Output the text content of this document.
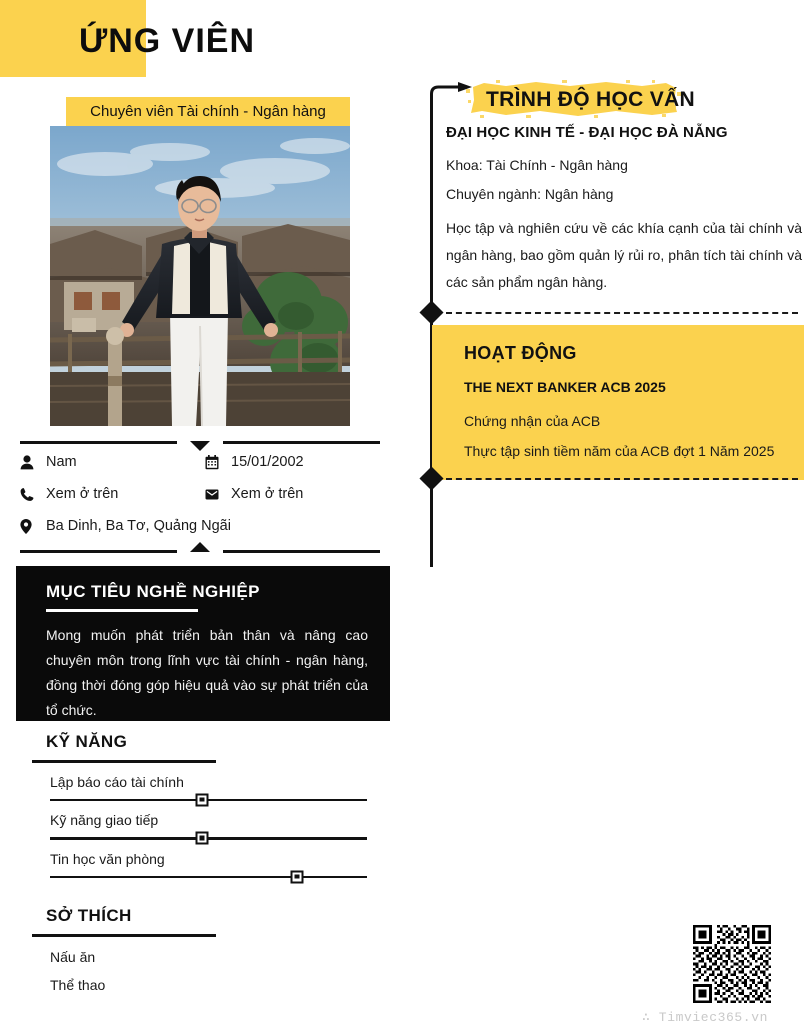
ỨNG VIÊN
Chuyên viên Tài chính - Ngân hàng
Nam	15/01/2002
Xem ở trên	Xem ở trên
Ba Dinh, Ba Tơ, Quảng Ngãi
MỤC TIÊU NGHỀ NGHIỆP
Mong muốn phát triển bản thân và nâng cao chuyên môn trong lĩnh vực tài chính - ngân hàng, đồng thời đóng góp hiệu quả vào sự phát triển của tổ chức.
KỸ NĂNG
Lập báo cáo tài chính
Kỹ năng giao tiếp
Tin học văn phòng
SỞ THÍCH
Nấu ăn
Thể thao
TRÌNH ĐỘ HỌC VẤN
ĐẠI HỌC KINH TẾ - ĐẠI HỌC ĐÀ NẴNG
Khoa: Tài Chính - Ngân hàng
Chuyên ngành: Ngân hàng
Học tập và nghiên cứu về các khía cạnh của tài chính và ngân hàng, bao gồm quản lý rủi ro, phân tích tài chính và các sản phẩm ngân hàng.
HOẠT ĐỘNG
THE NEXT BANKER ACB 2025
Chứng nhận của ACB
Thực tập sinh tiềm năm của ACB đợt 1 Năm 2025
∴ Timviec365.vn
